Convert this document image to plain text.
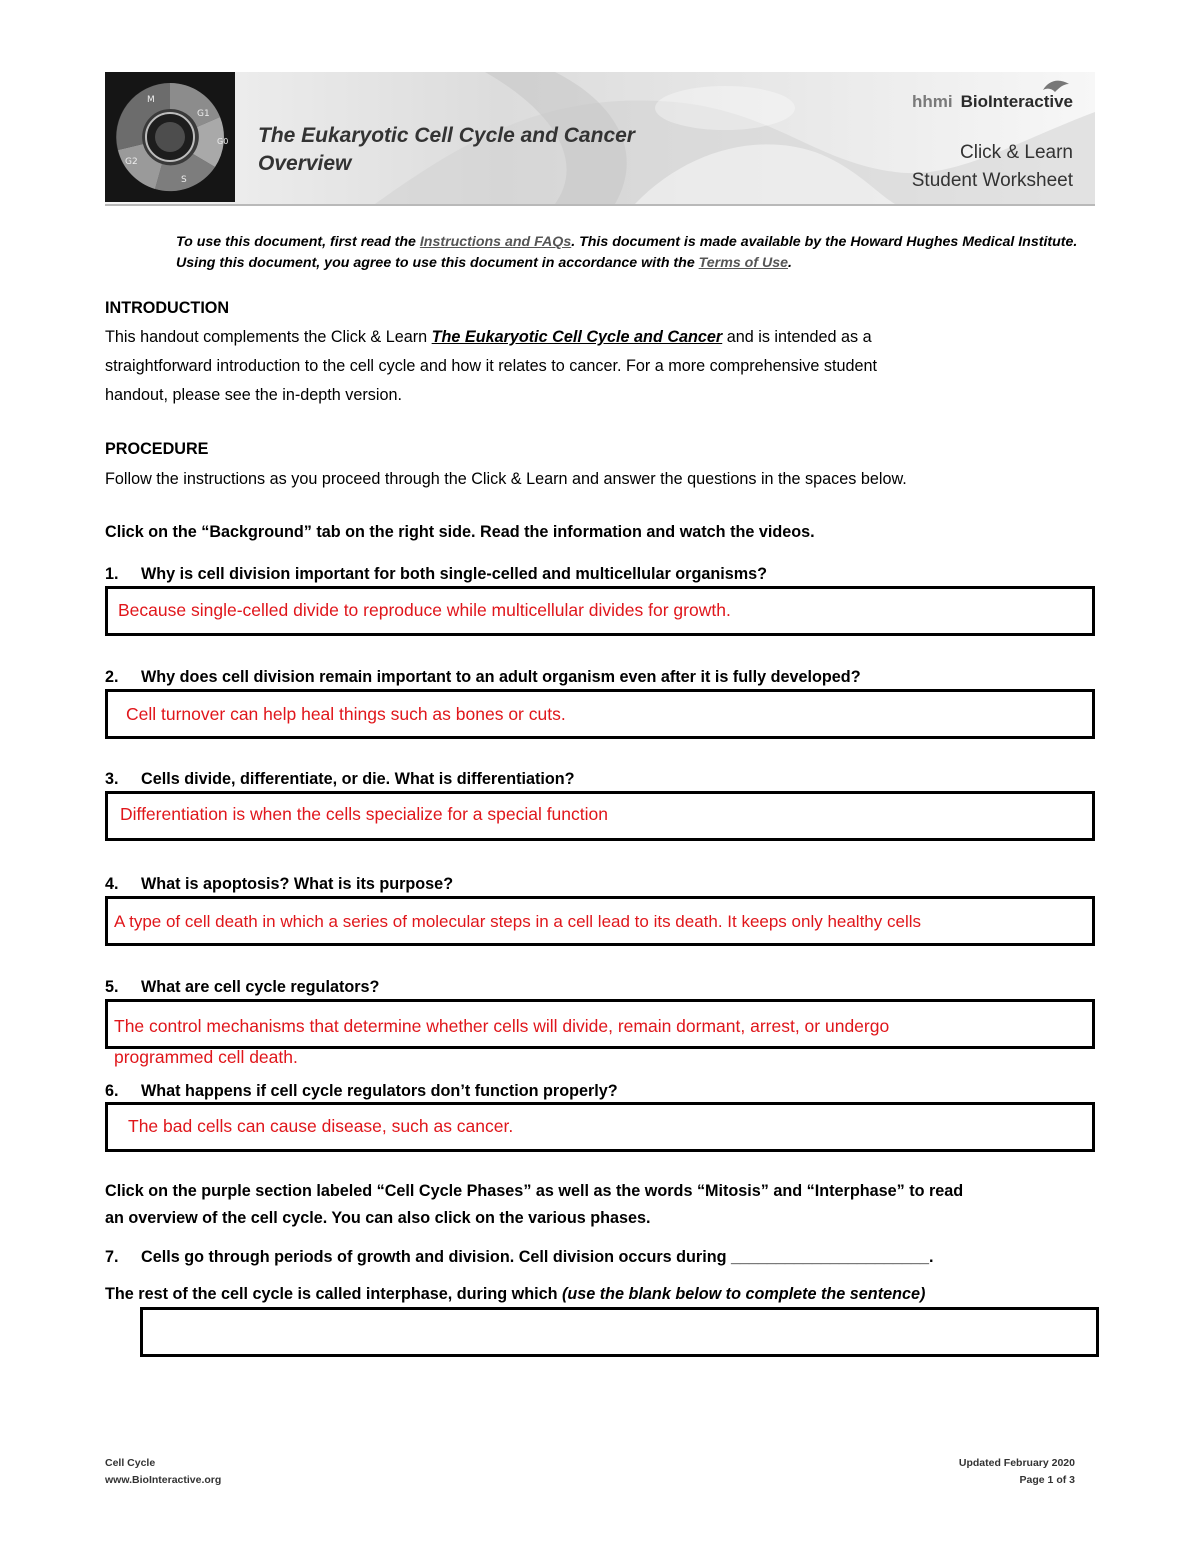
M
G1
G0
G2
S
The Eukaryotic Cell Cycle and Cancer
Overview
hhmi BioInteractive
Click & Learn
Student Worksheet
To use this document, first read the Instructions and FAQs. This document is made available by the Howard Hughes Medical Institute. Using this document, you agree to use this document in accordance with the Terms of Use.
INTRODUCTION
This handout complements the Click & Learn The Eukaryotic Cell Cycle and Cancer and is intended as a
straightforward introduction to the cell cycle and how it relates to cancer. For a more comprehensive student
handout, please see the in-depth version.
PROCEDURE
Follow the instructions as you proceed through the Click & Learn and answer the questions in the spaces below.
Click on the “Background” tab on the right side. Read the information and watch the videos.
1. Why is cell division important for both single-celled and multicellular organisms?
Because single-celled divide to reproduce while multicellular divides for growth.
2. Why does cell division remain important to an adult organism even after it is fully developed?
Cell turnover can help heal things such as bones or cuts.
3. Cells divide, differentiate, or die. What is differentiation?
Differentiation is when the cells specialize for a special function
4. What is apoptosis? What is its purpose?
A type of cell death in which a series of molecular steps in a cell lead to its death. It keeps only healthy cells
5. What are cell cycle regulators?
The control mechanisms that determine whether cells will divide, remain dormant, arrest, or undergo
programmed cell death.
6. What happens if cell cycle regulators don’t function properly?
The bad cells can cause disease, such as cancer.
Click on the purple section labeled “Cell Cycle Phases” as well as the words “Mitosis” and “Interphase” to read
an overview of the cell cycle. You can also click on the various phases.
7. Cells go through periods of growth and division. Cell division occurs during ______________________.
The rest of the cell cycle is called interphase, during which (use the blank below to complete the sentence)
Cell Cycle
www.BioInteractive.org
Updated February 2020
Page 1 of 3
